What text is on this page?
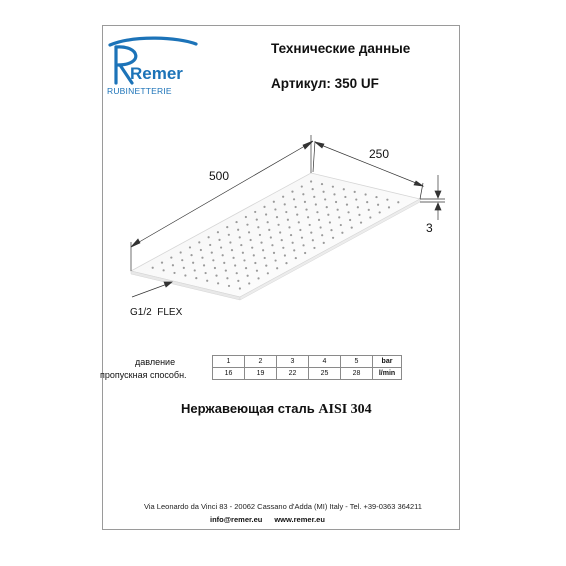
Remer
RUBINETTERIE
Технические данные
Артикул: 350 UF
500
250
3
G1/2  FLEX
давление
пропускная способн.
1	2	3	4	5	bar
16	19	22	25	28	l/min
Нержавеющая сталь AISI 304
Via Leonardo da Vinci 83 - 20062 Cassano d'Adda (MI) Italy - Tel. +39-0363 364211
info@remer.eu www.remer.eu
